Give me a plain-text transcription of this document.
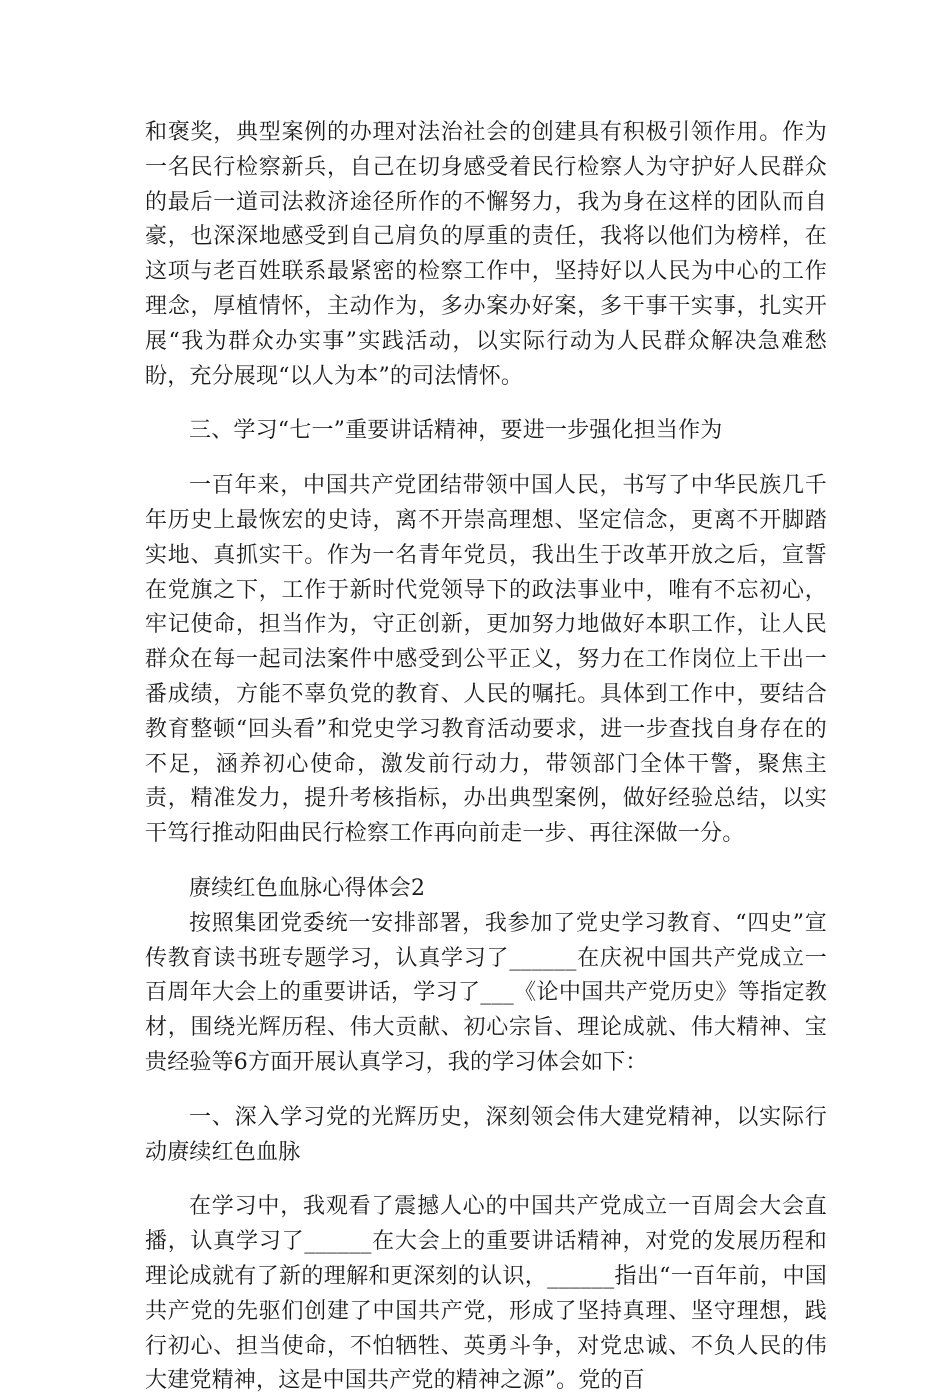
和褒奖，典型案例的办理对法治社会的创建具有积极引领作用。作为一名民行检察新兵，自己在切身感受着民行检察人为守护好人民群众的最后一道司法救济途径所作的不懈努力，我为身在这样的团队而自豪，也深深地感受到自己肩负的厚重的责任，我将以他们为榜样，在这项与老百姓联系最紧密的检察工作中，坚持好以人民为中心的工作理念，厚植情怀，主动作为，多办案办好案，多干事干实事，扎实开展“我为群众办实事”实践活动，以实际行动为人民群众解决急难愁盼，充分展现“以人为本”的司法情怀。

三、学习“七一”重要讲话精神，要进一步强化担当作为

一百年来，中国共产党团结带领中国人民，书写了中华民族几千年历史上最恢宏的史诗，离不开崇高理想、坚定信念，更离不开脚踏实地、真抓实干。作为一名青年党员，我出生于改革开放之后，宣誓在党旗之下，工作于新时代党领导下的政法事业中，唯有不忘初心，牢记使命，担当作为，守正创新，更加努力地做好本职工作，让人民群众在每一起司法案件中感受到公平正义，努力在工作岗位上干出一番成绩，方能不辜负党的教育、人民的嘱托。具体到工作中，要结合教育整顿“回头看”和党史学习教育活动要求，进一步查找自身存在的不足，涵养初心使命，激发前行动力，带领部门全体干警，聚焦主责，精准发力，提升考核指标，办出典型案例，做好经验总结，以实干笃行推动阳曲民行检察工作再向前走一步、再往深做一分。

赓续红色血脉心得体会2

按照集团党委统一安排部署，我参加了党史学习教育、“四史”宣传教育读书班专题学习，认真学习了______在庆祝中国共产党成立一百周年大会上的重要讲话，学习了___《论中国共产党历史》等指定教材，围绕光辉历程、伟大贡献、初心宗旨、理论成就、伟大精神、宝贵经验等6方面开展认真学习，我的学习体会如下：

一、深入学习党的光辉历史，深刻领会伟大建党精神，以实际行动赓续红色血脉

在学习中，我观看了震撼人心的中国共产党成立一百周会大会直播，认真学习了______在大会上的重要讲话精神，对党的发展历程和理论成就有了新的理解和更深刻的认识，______指出“一百年前，中国共产党的先驱们创建了中国共产党，形成了坚持真理、坚守理想，践行初心、担当使命，不怕牺牲、英勇斗争，对党忠诚、不负人民的伟大建党精神，这是中国共产党的精神之源”。党的百
